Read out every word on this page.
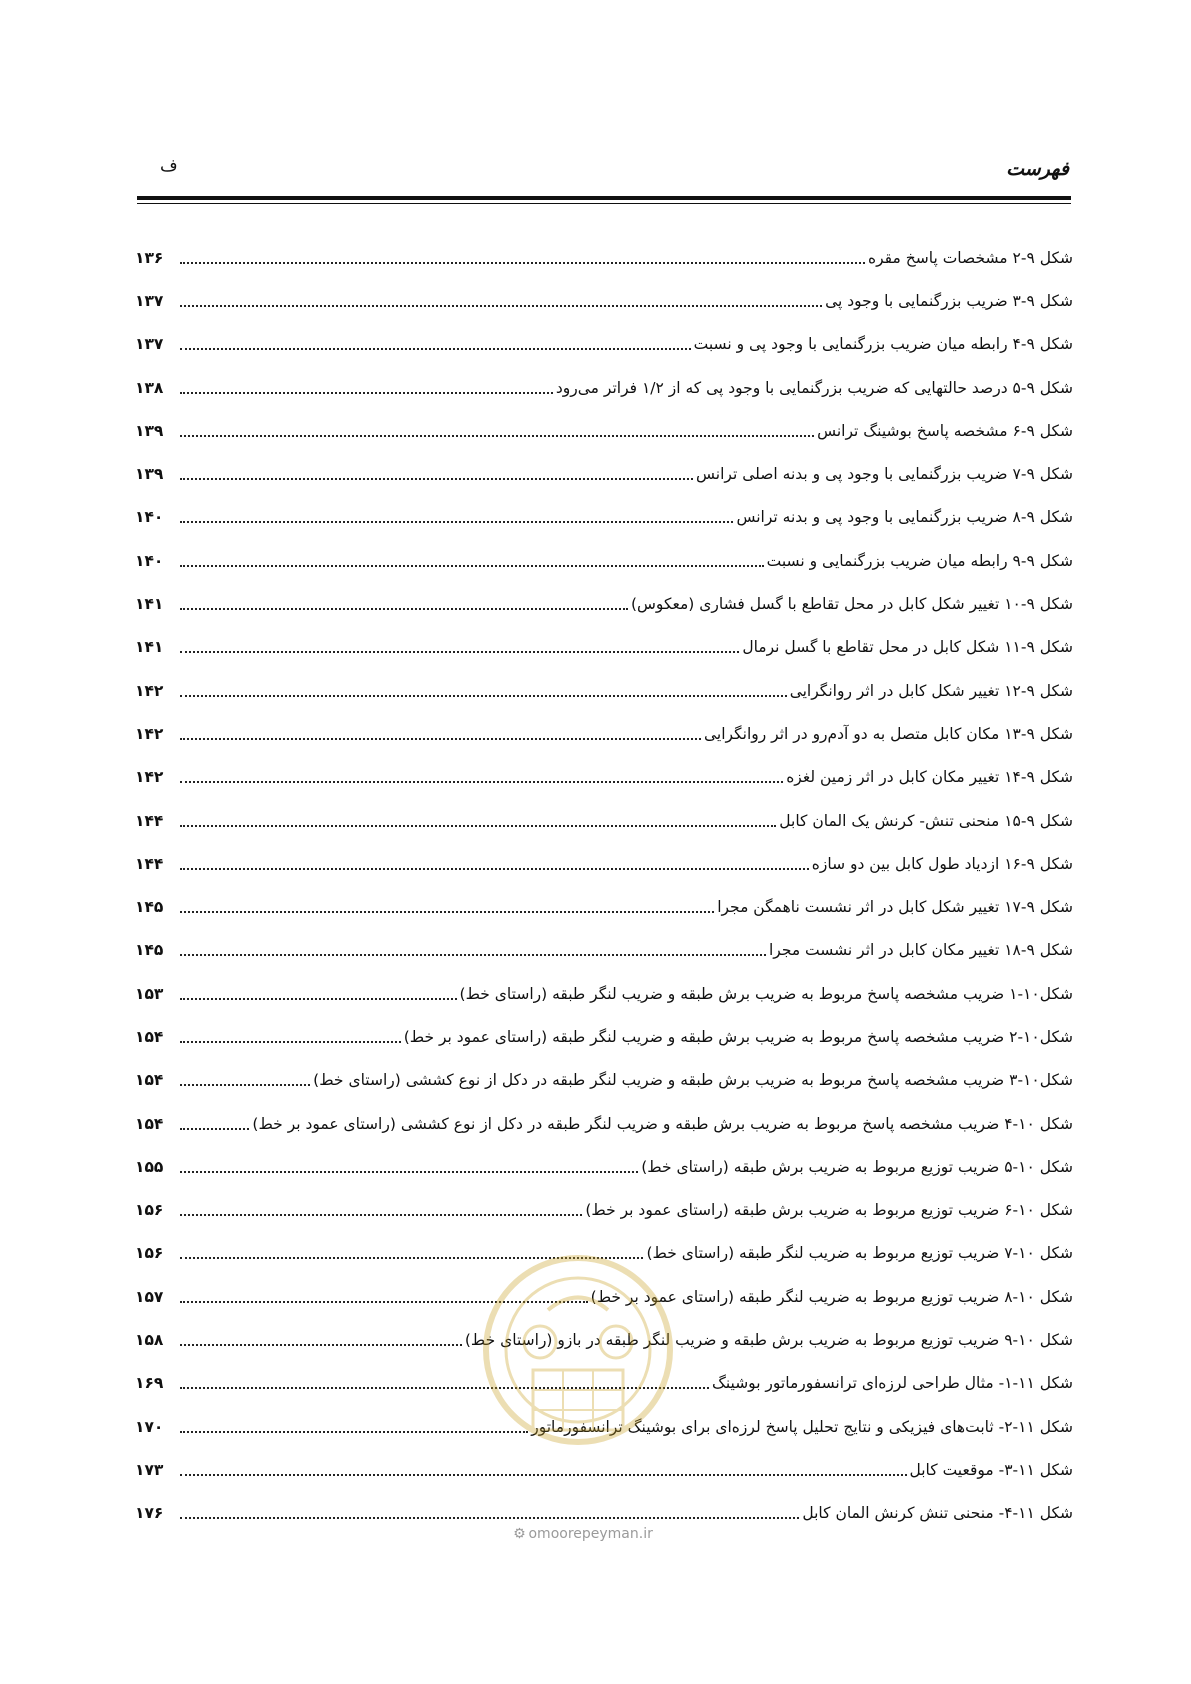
فهرست
ف
شکل ۹-۲ مشخصات پاسخ مقره
۱۳۶
شکل ۹-۳ ضریب بزرگنمایی با وجود پی
۱۳۷
شکل ۹-۴ رابطه میان ضریب بزرگنمایی با وجود پی و نسبت
۱۳۷
شکل ۹-۵ درصد حالتهایی که ضریب بزرگنمایی با وجود پی که از ۱/۲ فراتر می‌رود
۱۳۸
شکل ۹-۶ مشخصه پاسخ بوشینگ ترانس
۱۳۹
شکل ۹-۷ ضریب بزرگنمایی با وجود پی و بدنه اصلی ترانس
۱۳۹
شکل ۹-۸ ضریب بزرگنمایی با وجود پی و بدنه ترانس
۱۴۰
شکل ۹-۹ رابطه میان ضریب بزرگنمایی و نسبت
۱۴۰
شکل ۹-۱۰ تغییر شکل کابل در محل تقاطع با گسل فشاری (معکوس)
۱۴۱
شکل ۹-۱۱ شکل کابل در محل تقاطع با گسل نرمال
۱۴۱
شکل ۹-۱۲ تغییر شکل کابل در اثر روانگرایی
۱۴۲
شکل ۹-۱۳ مکان کابل متصل به دو آدم‌رو در اثر روانگرایی
۱۴۲
شکل ۹-۱۴ تغییر مکان کابل در اثر زمین لغزه
۱۴۲
شکل ۹-۱۵ منحنی تنش- کرنش یک المان کابل
۱۴۴
شکل ۹-۱۶ ازدیاد طول کابل بین دو سازه
۱۴۴
شکل ۹-۱۷ تغییر شکل کابل در اثر نشست ناهمگن مجرا
۱۴۵
شکل ۹-۱۸ تغییر مکان کابل در اثر نشست مجرا
۱۴۵
شکل۱۰-۱ ضریب مشخصه پاسخ مربوط به ضریب برش طبقه و ضریب لنگر طبقه (راستای خط)
۱۵۳
شکل۱۰-۲ ضریب مشخصه پاسخ مربوط به ضریب برش طبقه و ضریب لنگر طبقه (راستای عمود بر خط)
۱۵۴
شکل۱۰-۳ ضریب مشخصه پاسخ مربوط به ضریب برش طبقه و ضریب لنگر طبقه در دکل از نوع کششی (راستای خط)
۱۵۴
شکل ۱۰-۴ ضریب مشخصه پاسخ مربوط به ضریب برش طبقه و ضریب لنگر طبقه در دکل از نوع کششی (راستای عمود بر خط)
۱۵۴
شکل ۱۰-۵ ضریب توزیع مربوط به ضریب برش طبقه (راستای خط)
۱۵۵
شکل ۱۰-۶ ضریب توزیع مربوط به ضریب برش طبقه (راستای عمود بر خط)
۱۵۶
شکل ۱۰-۷ ضریب توزیع مربوط به ضریب لنگر طبقه (راستای خط)
۱۵۶
شکل ۱۰-۸ ضریب توزیع مربوط به ضریب لنگر طبقه (راستای عمود بر خط)
۱۵۷
شکل ۱۰-۹ ضریب توزیع مربوط به ضریب برش طبقه و ضریب لنگر طبقه در بازو (راستای خط)
۱۵۸
شکل ۱۱-۱- مثال طراحی لرزه‌ای ترانسفورماتور بوشینگ
۱۶۹
شکل ۱۱-۲- ثابت‌های فیزیکی و نتایج تحلیل پاسخ لرزه‌ای برای بوشینگ ترانسفورماتور
۱۷۰
شکل ۱۱-۳- موقعیت کابل
۱۷۳
شکل ۱۱-۴- منحنی تنش کرنش المان کابل
۱۷۶
⚙ omoorepeyman.ir
